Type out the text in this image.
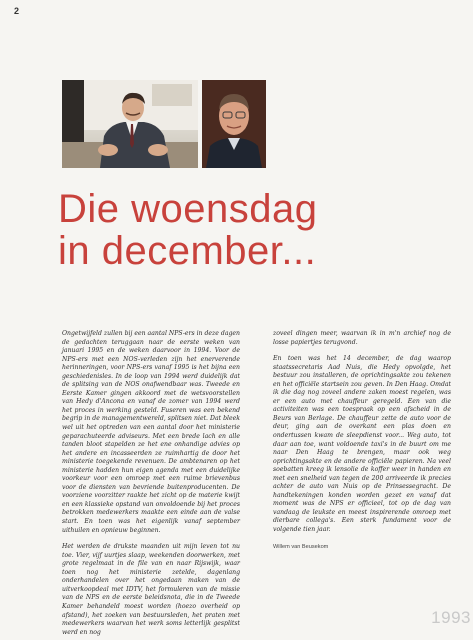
2
Die woensdag
in december...

Ongetwijfeld zullen bij een aantal NPS-ers in deze dagen de gedachten teruggaan naar de eerste weken van januari 1995 en de weken daarvoor in 1994. Voor de NPS-ers met een NOS-verleden zijn het enerverende herinneringen, voor NPS-ers vanaf 1995 is het bijna een geschiedenisles. In de loop van 1994 werd duidelijk dat de splitsing van de NOS onafwendbaar was. Tweede en Eerste Kamer gingen akkoord met de wetsvoorstellen van Hedy d'Ancona en vanaf de zomer van 1994 werd het proces in werking gesteld. Fuseren was een bekend begrip in de managementwereld, splitsen niet. Dat bleek wel uit het optreden van een aantal door het ministerie geparachuteerde adviseurs. Met een brede lach en alle tanden bloot stapelden ze het ene onhandige advies op het andere en incasseerden ze ruimhartig de door het ministerie toegekende revenuen. De ambtenaren op het ministerie hadden hun eigen agenda met een duidelijke voorkeur voor een omroep met een ruime brievenbus voor de diensten van bevriende buitenproducenten. De voorziene voorzitter raakte het zicht op de materie kwijt en een klassieke opstand van onvoldoende bij het proces betrokken medewerkers maakte een einde aan de valse start. En toen was het eigenlijk vanaf september uithuilen en opnieuw beginnen.

Het werden de drukste maanden uit mijn leven tot nu toe. Vier, vijf uurtjes slaap, weekenden doorwerken, met grote regelmaat in de file van en naar Rijswijk, waar toen nog het ministerie zetelde, dagenlang onderhandelen over het ongedaan maken van de uitverkoopdeal met IDTV, het formuleren van de missie van de NPS en de eerste beleidsnota, die in de Tweede Kamer behandeld moest worden (hoezo overheid op afstand), het zoeken van bestuursleden, het praten met medewerkers waarvan het werk soms letterlijk gesplitst werd en nog

zoveel dingen meer, waarvan ik in m'n archief nog de losse papiertjes terugvond.

En toen was het 14 december, de dag waarop staatssecretaris Aad Nuis, die Hedy opvolgde, het bestuur zou installeren, de oprichtingsakte zou tekenen en het officiële startsein zou geven. In Den Haag. Omdat ik die dag nog zoveel andere zaken moest regelen, was er een auto met chauffeur geregeld. Een van die activiteiten was een toespraak op een afscheid in de Beurs van Berlage. De chauffeur zette de auto voor de deur, ging aan de overkant een plas doen en ondertussen kwam de sleepdienst voor... Weg auto, tot daar aan toe, want voldoende taxi's in de buurt om me naar Den Haag te brengen, maar ook weg oprichtingsakte en de andere officiële papieren. Na veel soebatten kreeg ik lensolie de koffer weer in handen en met een snelheid van tegen de 200 arriveerde ik precies achter de auto van Nuis op de Prinsessegracht. De handtekeningen konden worden gezet en vanaf dat moment was de NPS er officieel, tot op de dag van vandaag de leukste en meest inspirerende omroep met dierbare collega's. Een sterk fundament voor de volgende tien jaar.

Willem van Beusekom
1993
